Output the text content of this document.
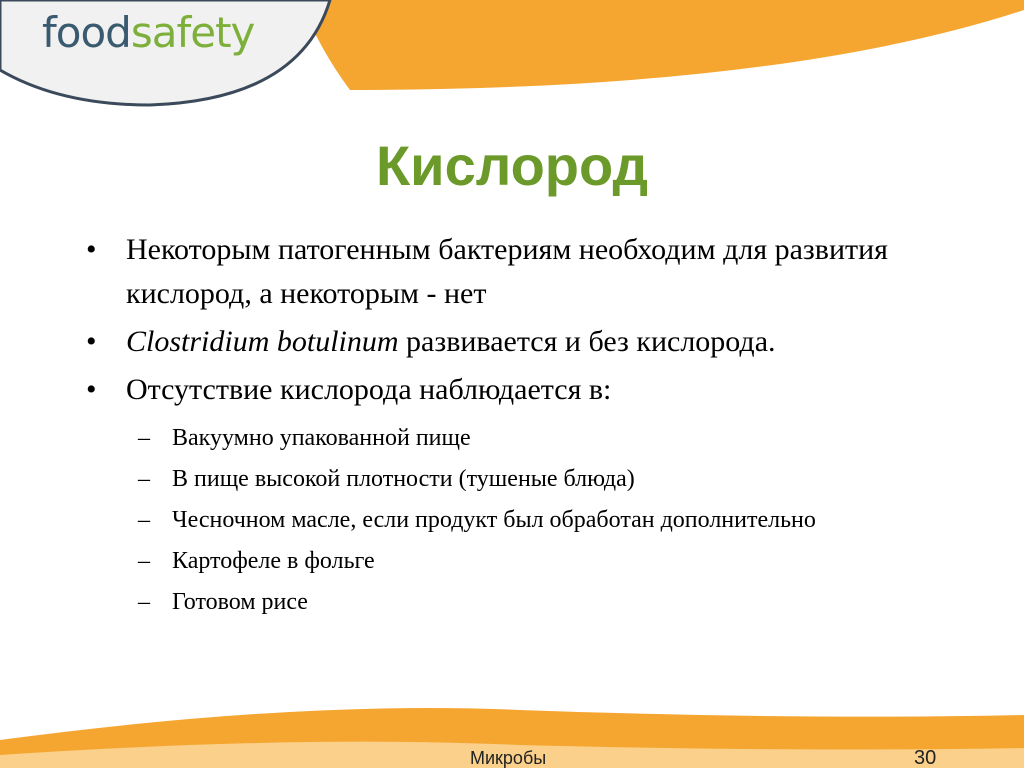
foodsafety
Кислород
• Некоторым патогенным бактериям необходим для развития кислород, а некоторым - нет
• Clostridium botulinum развивается и без кислорода.
• Отсутствие кислорода наблюдается в:
– Вакуумно упакованной пище
– В пище высокой плотности (тушеные блюда)
– Чесночном масле, если продукт был обработан дополнительно
– Картофеле в фольге
– Готовом рисе
Микробы	30
